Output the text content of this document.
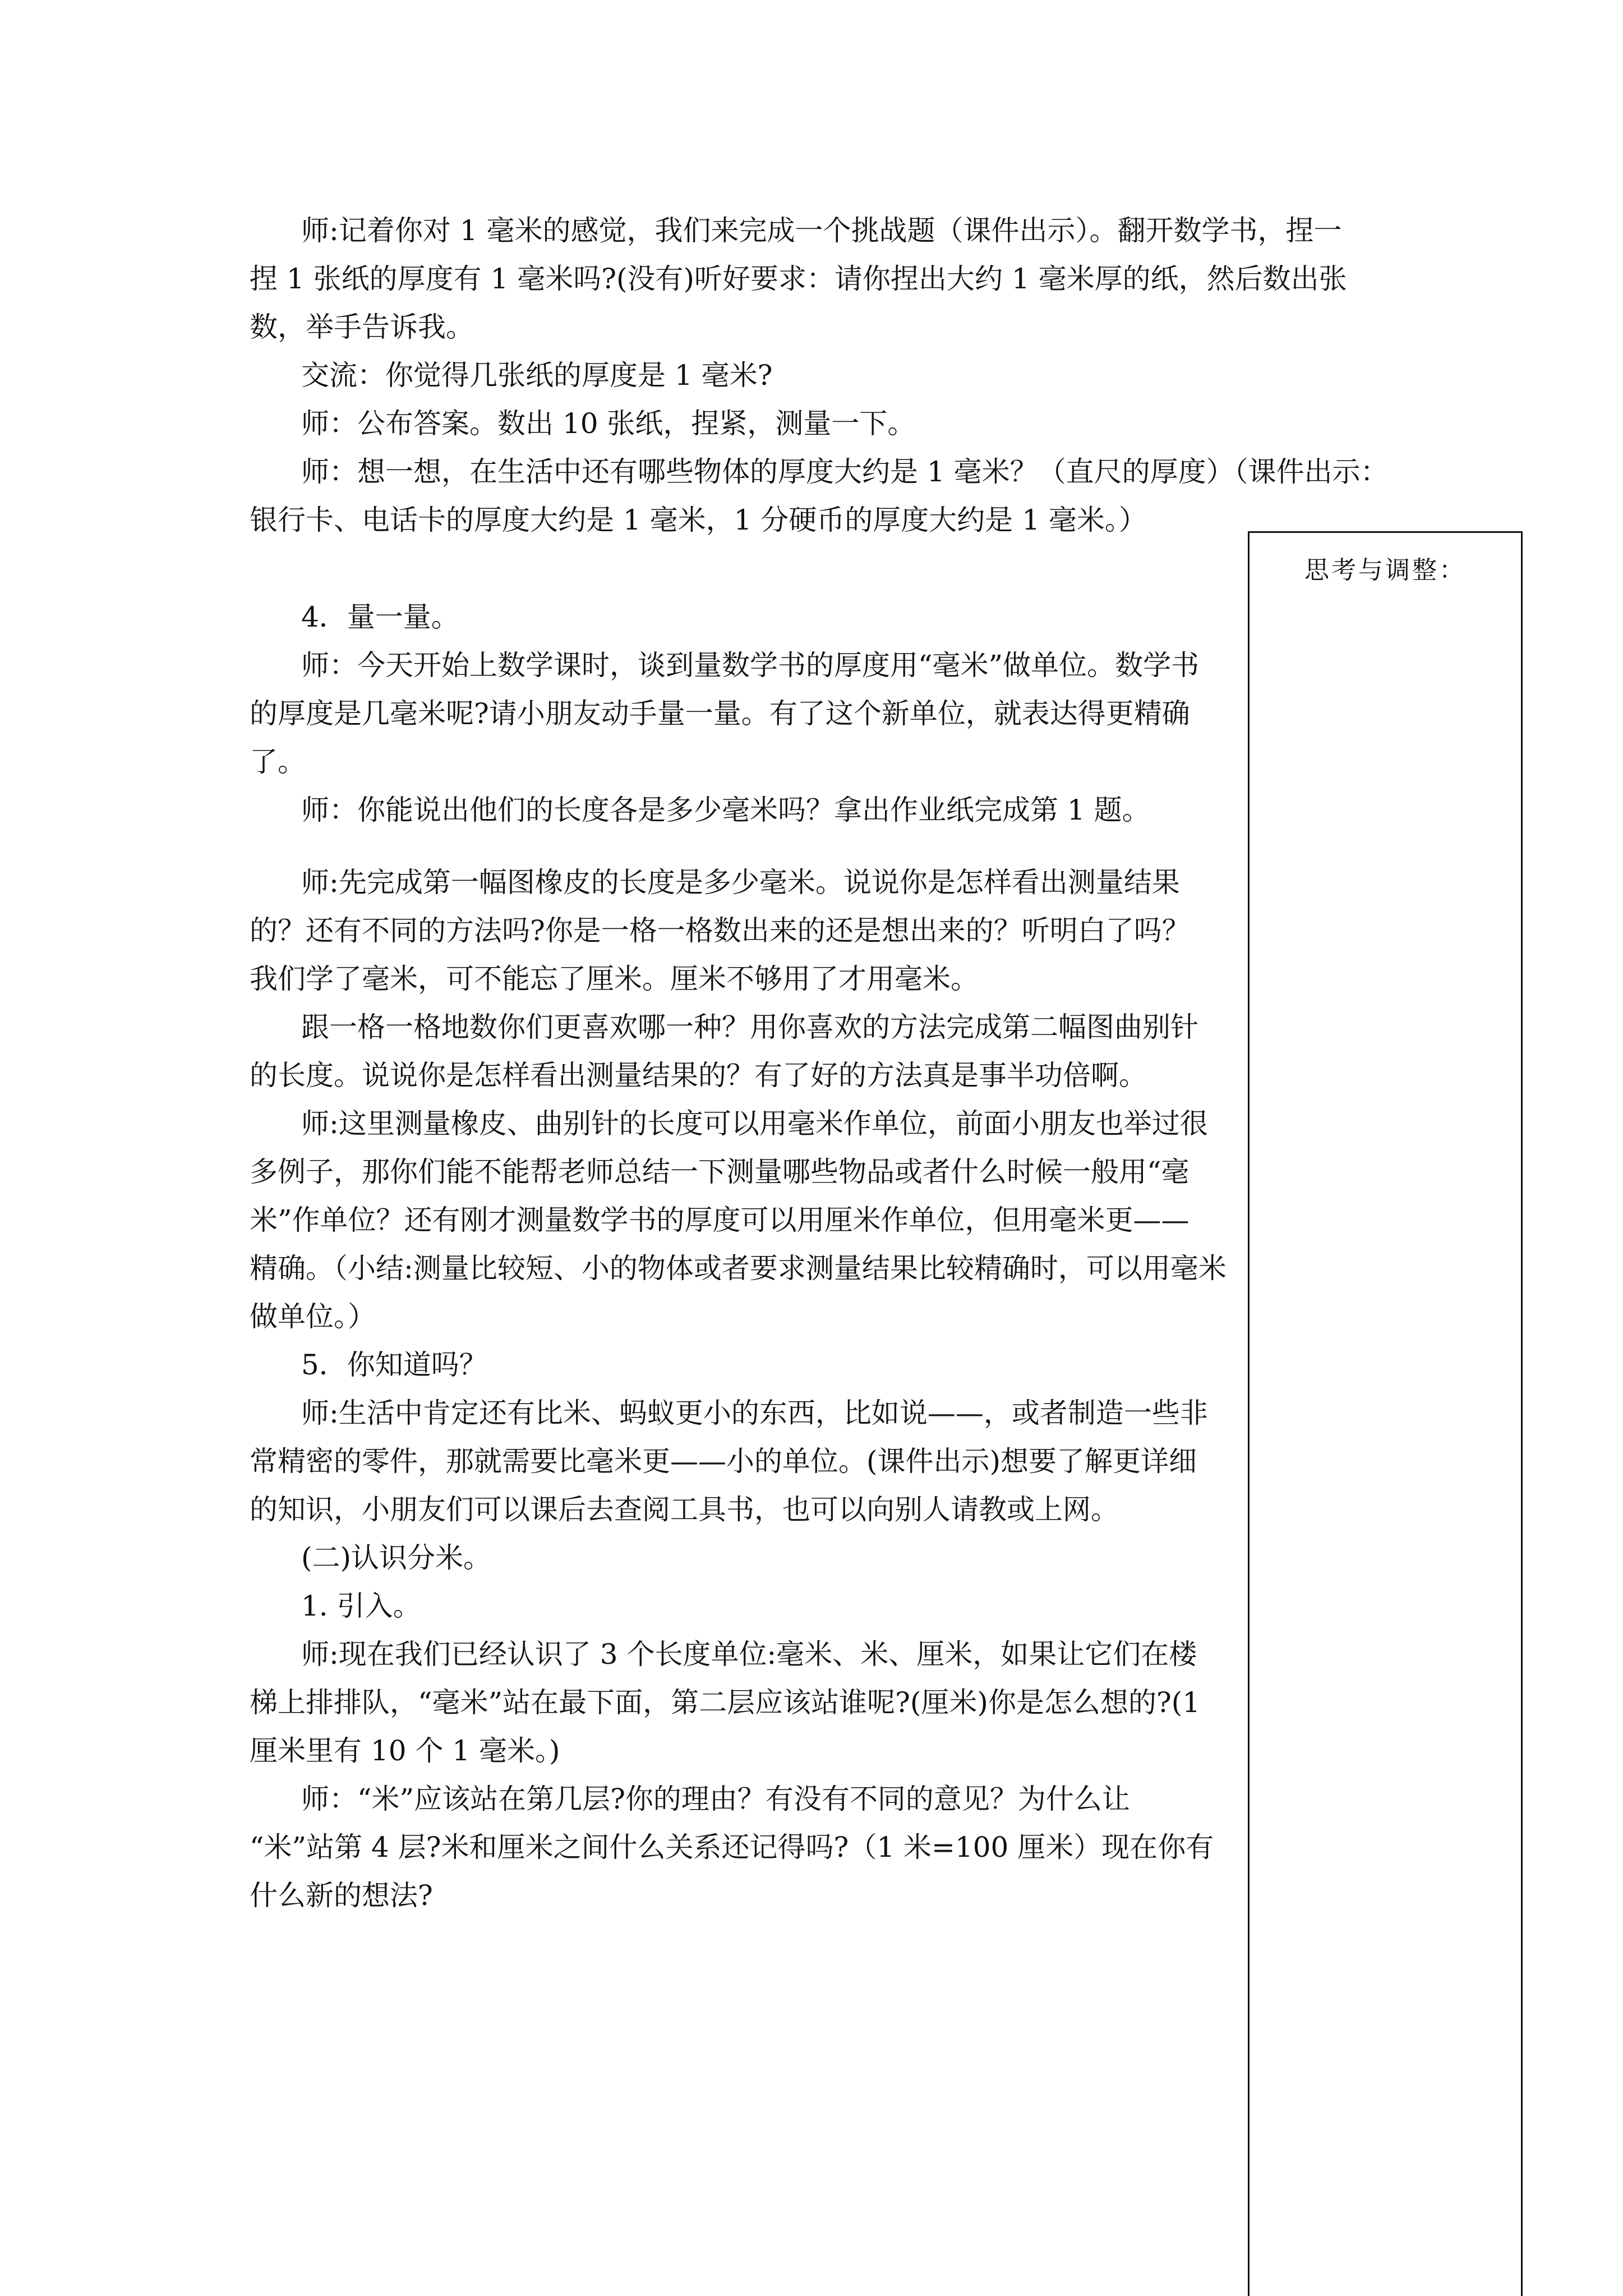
师:记着你对 1 毫米的感觉，我们来完成一个挑战题（课件出示）。翻开数学书，捏一
捏 1 张纸的厚度有 1 毫米吗?(没有)听好要求：请你捏出大约 1 毫米厚的纸，然后数出张
数，举手告诉我。
交流：你觉得几张纸的厚度是 1 毫米?
师：公布答案。数出 10 张纸，捏紧，测量一下。
师：想一想，在生活中还有哪些物体的厚度大约是 1 毫米？（直尺的厚度）（课件出示：
银行卡、电话卡的厚度大约是 1 毫米，1 分硬币的厚度大约是 1 毫米。）
4．量一量。
师：今天开始上数学课时，谈到量数学书的厚度用“毫米”做单位。数学书
的厚度是几毫米呢?请小朋友动手量一量。有了这个新单位，就表达得更精确
了。
师：你能说出他们的长度各是多少毫米吗？拿出作业纸完成第 1 题。
师:先完成第一幅图橡皮的长度是多少毫米。说说你是怎样看出测量结果
的？还有不同的方法吗?你是一格一格数出来的还是想出来的？听明白了吗？
我们学了毫米，可不能忘了厘米。厘米不够用了才用毫米。
跟一格一格地数你们更喜欢哪一种？用你喜欢的方法完成第二幅图曲别针
的长度。说说你是怎样看出测量结果的？有了好的方法真是事半功倍啊。
师:这里测量橡皮、曲别针的长度可以用毫米作单位，前面小朋友也举过很
多例子，那你们能不能帮老师总结一下测量哪些物品或者什么时候一般用“毫
米”作单位？还有刚才测量数学书的厚度可以用厘米作单位，但用毫米更——
精确。（小结:测量比较短、小的物体或者要求测量结果比较精确时，可以用毫米
做单位。）
5．你知道吗？
师:生活中肯定还有比米、蚂蚁更小的东西，比如说——，或者制造一些非
常精密的零件，那就需要比毫米更——小的单位。(课件出示)想要了解更详细
的知识，小朋友们可以课后去查阅工具书，也可以向别人请教或上网。
(二)认识分米。
1. 引入。
师:现在我们已经认识了 3 个长度单位:毫米、米、厘米，如果让它们在楼
梯上排排队，“毫米”站在最下面，第二层应该站谁呢?(厘米)你是怎么想的?(1
厘米里有 10 个 1 毫米。)
师：“米”应该站在第几层?你的理由？有没有不同的意见？为什么让
“米”站第 4 层?米和厘米之间什么关系还记得吗?（1 米=100 厘米）现在你有
什么新的想法?
思考与调整：
